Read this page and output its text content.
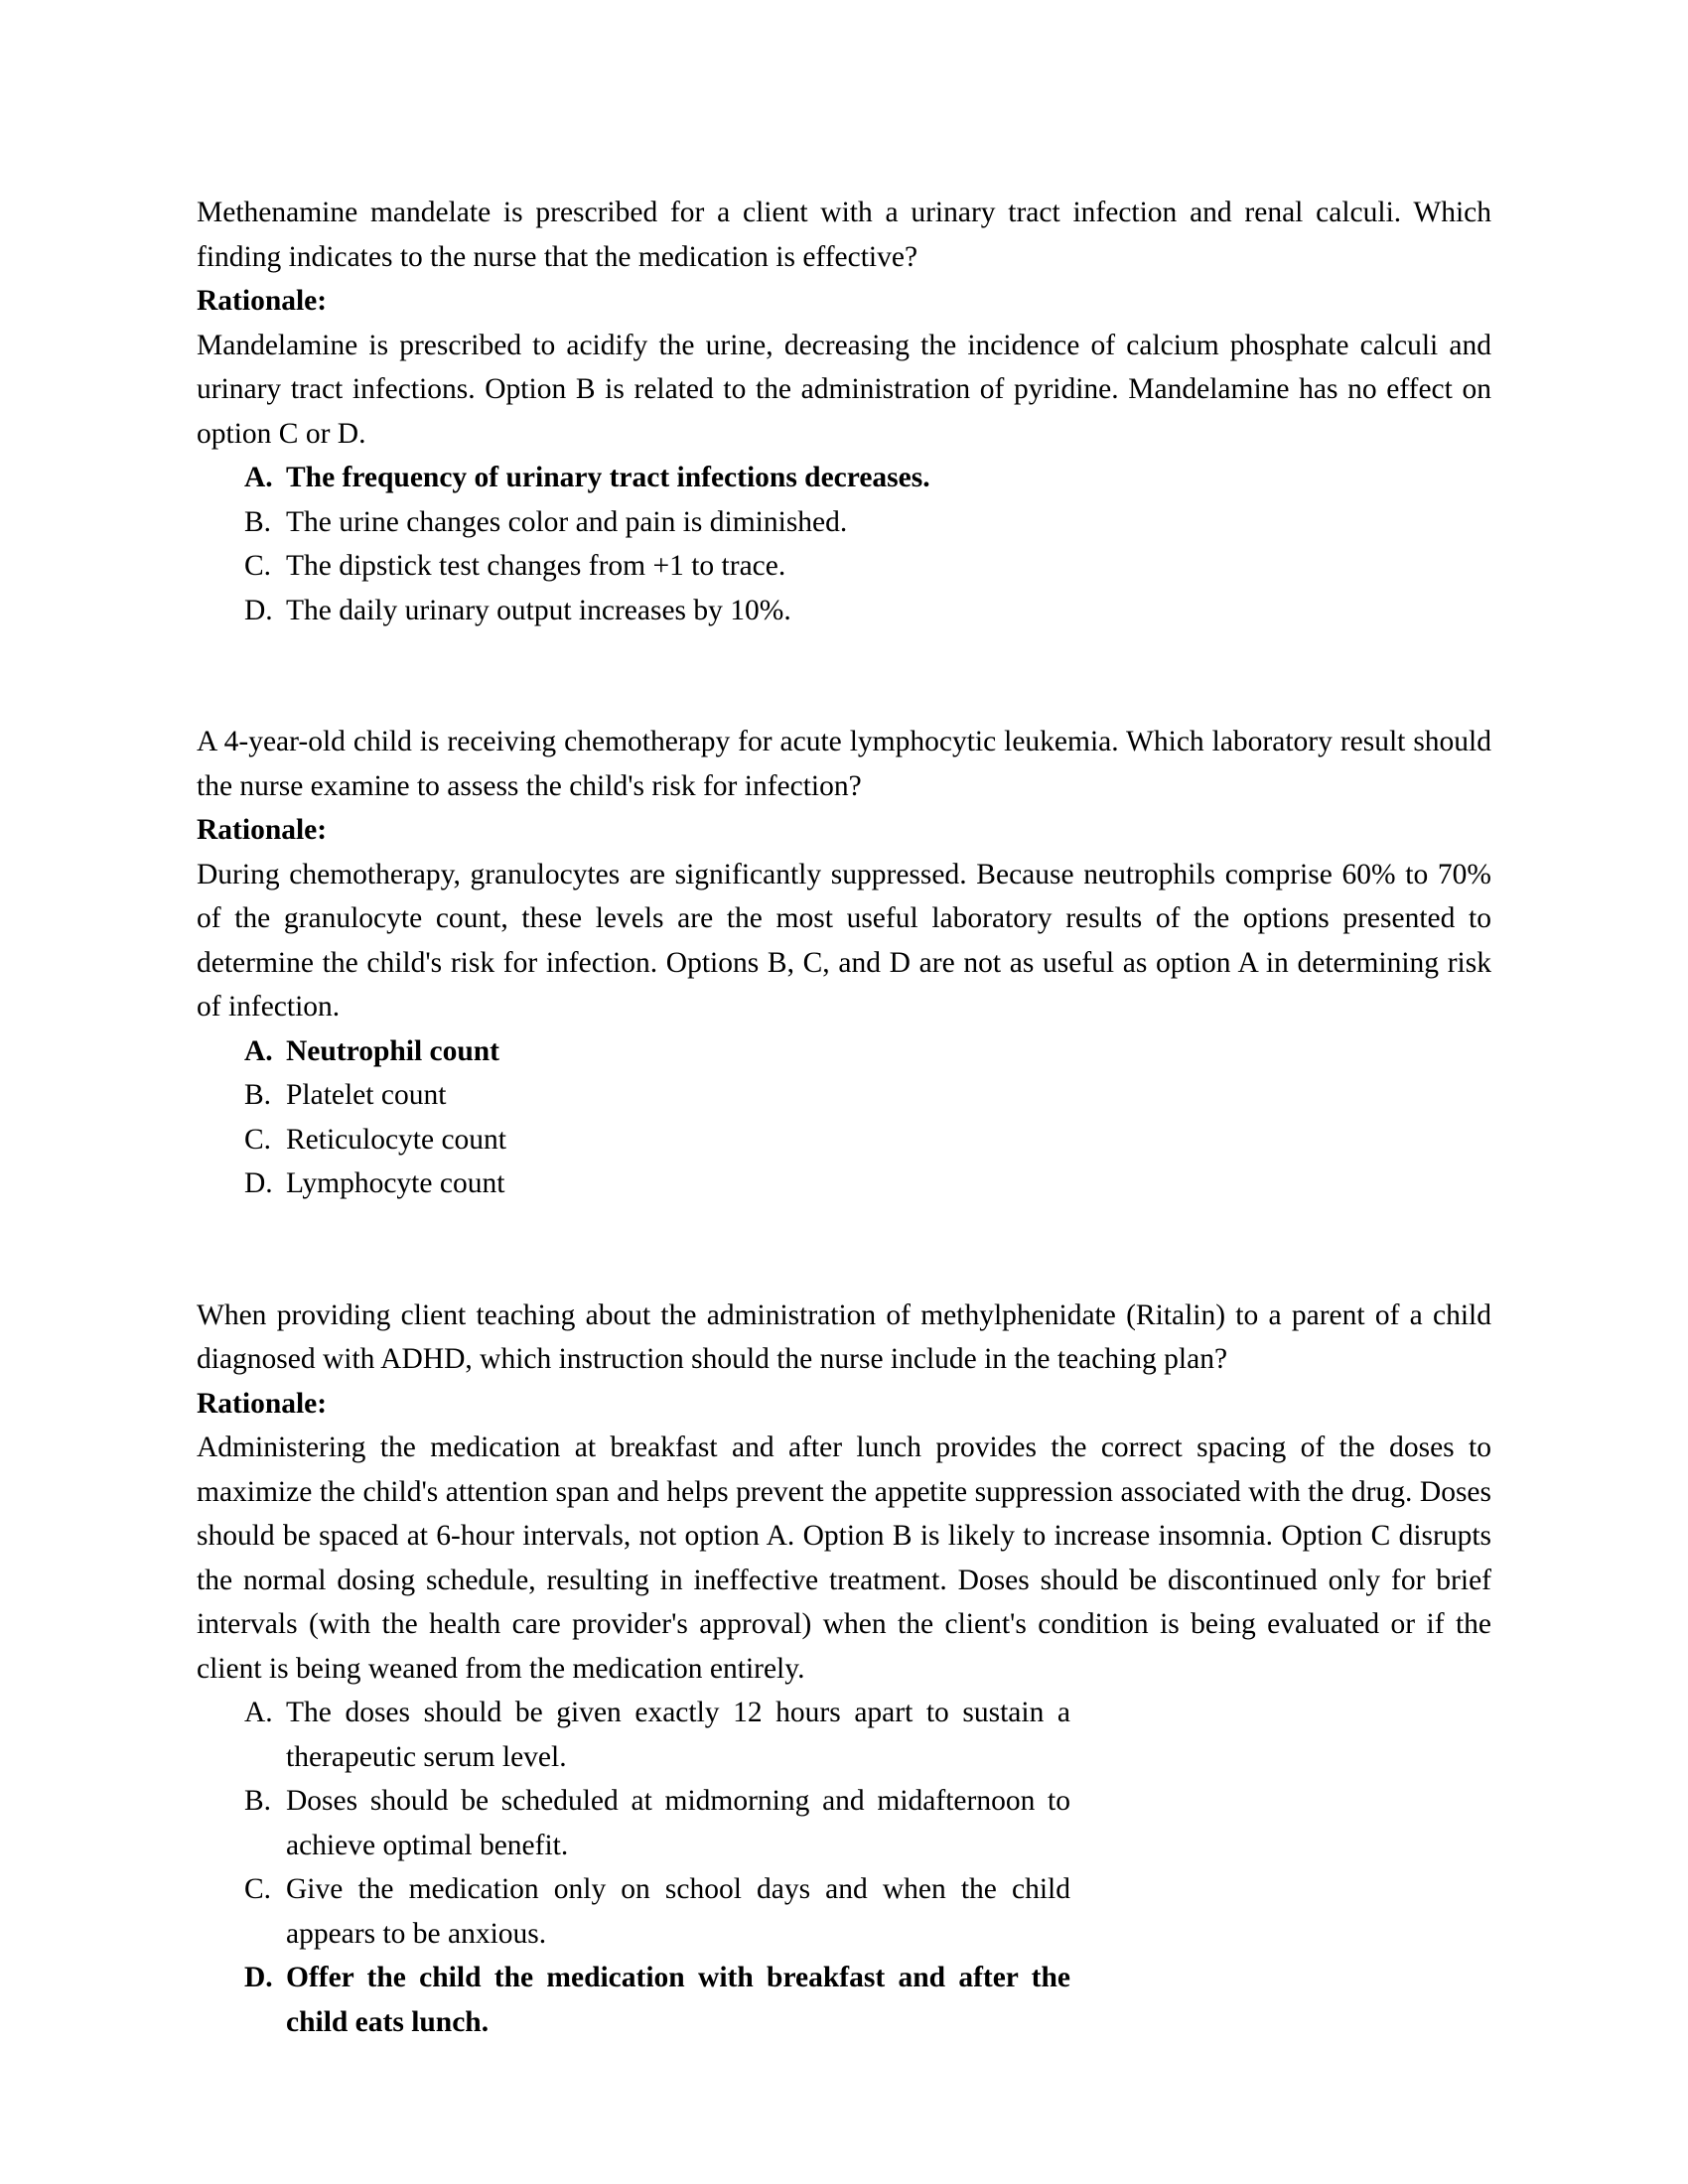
Methenamine mandelate is prescribed for a client with a urinary tract infection and renal calculi. Which finding indicates to the nurse that the medication is effective?

Rationale:

Mandelamine is prescribed to acidify the urine, decreasing the incidence of calcium phosphate calculi and urinary tract infections. Option B is related to the administration of pyridine. Mandelamine has no effect on option C or D.

A. The frequency of urinary tract infections decreases.
B. The urine changes color and pain is diminished.
C. The dipstick test changes from +1 to trace.
D. The daily urinary output increases by 10%.

A 4-year-old child is receiving chemotherapy for acute lymphocytic leukemia. Which laboratory result should the nurse examine to assess the child's risk for infection?

Rationale:

During chemotherapy, granulocytes are significantly suppressed. Because neutrophils comprise 60% to 70% of the granulocyte count, these levels are the most useful laboratory results of the options presented to determine the child's risk for infection. Options B, C, and D are not as useful as option A in determining risk of infection.

A. Neutrophil count
B. Platelet count
C. Reticulocyte count
D. Lymphocyte count

When providing client teaching about the administration of methylphenidate (Ritalin) to a parent of a child diagnosed with ADHD, which instruction should the nurse include in the teaching plan?

Rationale:

Administering the medication at breakfast and after lunch provides the correct spacing of the doses to maximize the child's attention span and helps prevent the appetite suppression associated with the drug. Doses should be spaced at 6-hour intervals, not option A. Option B is likely to increase insomnia. Option C disrupts the normal dosing schedule, resulting in ineffective treatment. Doses should be discontinued only for brief intervals (with the health care provider's approval) when the client's condition is being evaluated or if the client is being weaned from the medication entirely.

A. The doses should be given exactly 12 hours apart to sustain a therapeutic serum level.
B. Doses should be scheduled at midmorning and midafternoon to achieve optimal benefit.
C. Give the medication only on school days and when the child appears to be anxious.
D. Offer the child the medication with breakfast and after the child eats lunch.
